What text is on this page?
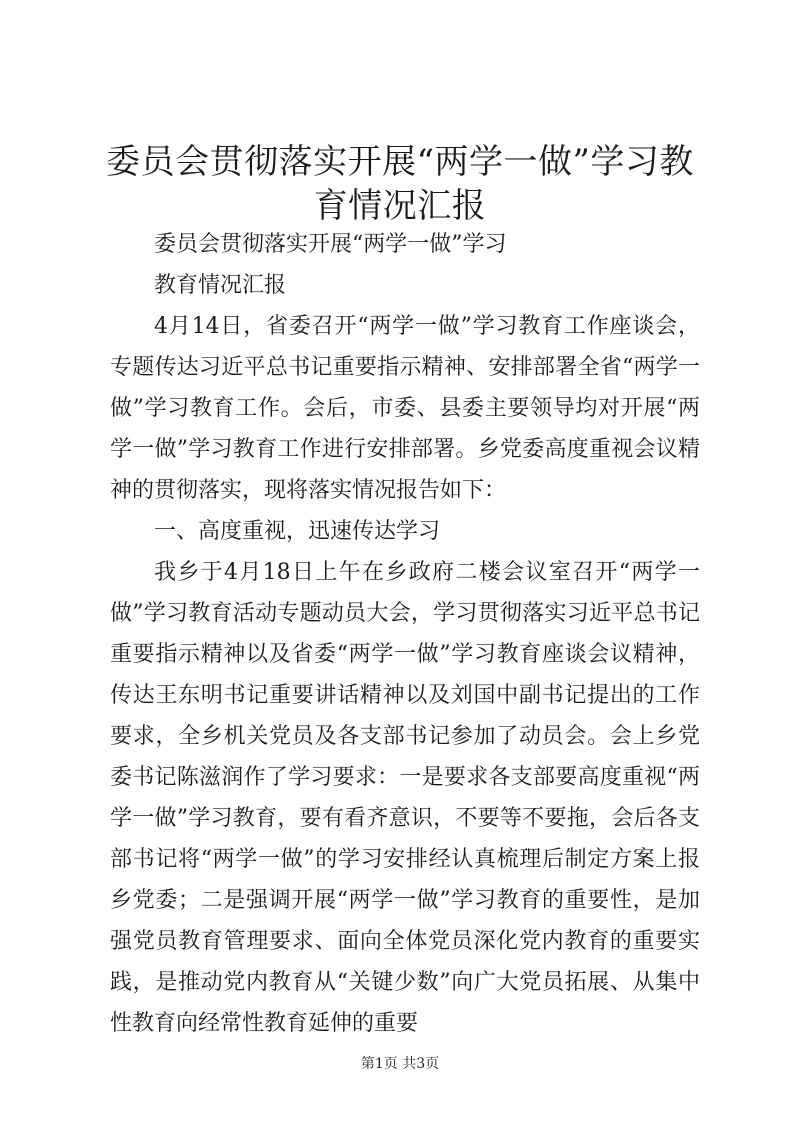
委员会贯彻落实开展“两学一做”学习教育情况汇报

委员会贯彻落实开展“两学一做”学习

教育情况汇报

4月14日，省委召开“两学一做”学习教育工作座谈会，专题传达习近平总书记重要指示精神、安排部署全省“两学一做”学习教育工作。会后，市委、县委主要领导均对开展“两学一做”学习教育工作进行安排部署。乡党委高度重视会议精神的贯彻落实，现将落实情况报告如下：

一、高度重视，迅速传达学习

我乡于4月18日上午在乡政府二楼会议室召开“两学一做”学习教育活动专题动员大会，学习贯彻落实习近平总书记重要指示精神以及省委“两学一做”学习教育座谈会议精神，传达王东明书记重要讲话精神以及刘国中副书记提出的工作要求，全乡机关党员及各支部书记参加了动员会。会上乡党委书记陈滋润作了学习要求：一是要求各支部要高度重视“两学一做”学习教育，要有看齐意识，不要等不要拖，会后各支部书记将“两学一做”的学习安排经认真梳理后制定方案上报乡党委；二是强调开展“两学一做”学习教育的重要性，是加强党员教育管理要求、面向全体党员深化党内教育的重要实践，是推动党内教育从“关键少数”向广大党员拓展、从集中性教育向经常性教育延伸的重要

第1页 共3页
